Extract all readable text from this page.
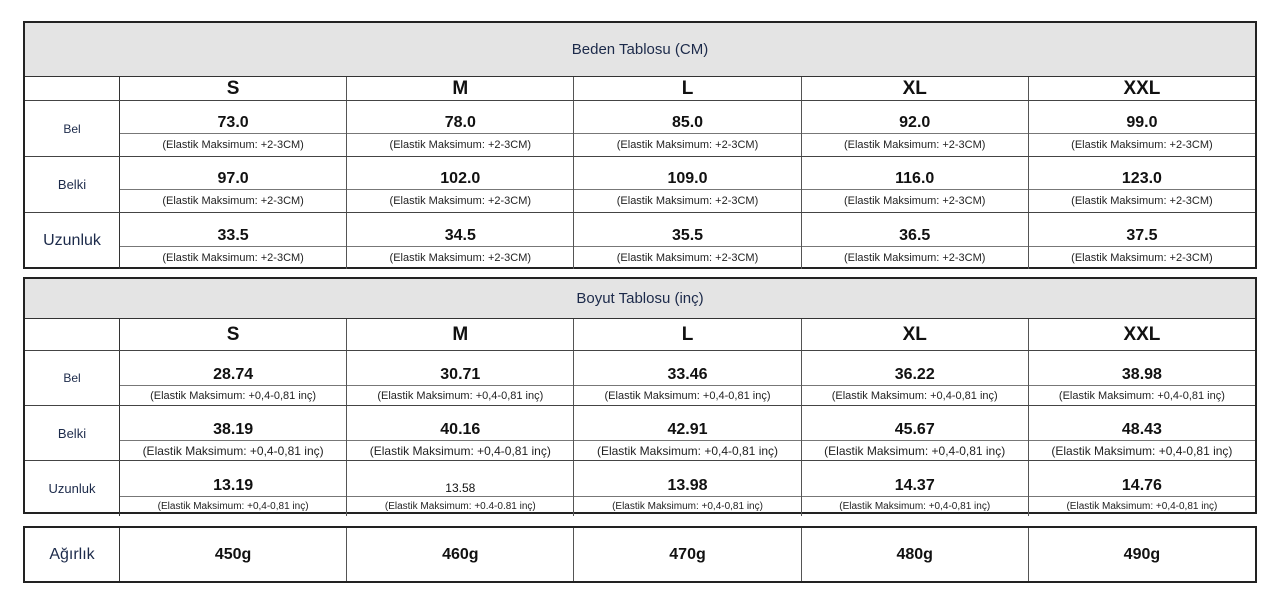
Beden Tablosu (CM)
S	M	L	XL	XXL
Bel	73.0
(Elastik Maksimum: +2-3CM)
78.0
(Elastik Maksimum: +2-3CM)
85.0
(Elastik Maksimum: +2-3CM)
92.0
(Elastik Maksimum: +2-3CM)
99.0
(Elastik Maksimum: +2-3CM)
Belki	97.0
(Elastik Maksimum: +2-3CM)
102.0
(Elastik Maksimum: +2-3CM)
109.0
(Elastik Maksimum: +2-3CM)
116.0
(Elastik Maksimum: +2-3CM)
123.0
(Elastik Maksimum: +2-3CM)
Uzunluk	33.5
(Elastik Maksimum: +2-3CM)
34.5
(Elastik Maksimum: +2-3CM)
35.5
(Elastik Maksimum: +2-3CM)
36.5
(Elastik Maksimum: +2-3CM)
37.5
(Elastik Maksimum: +2-3CM)
Boyut Tablosu (inç)
S	M	L	XL	XXL
Bel	28.74
(Elastik Maksimum: +0,4-0,81 inç)
30.71
(Elastik Maksimum: +0,4-0,81 inç)
33.46
(Elastik Maksimum: +0,4-0,81 inç)
36.22
(Elastik Maksimum: +0,4-0,81 inç)
38.98
(Elastik Maksimum: +0,4-0,81 inç)
Belki	38.19
(Elastik Maksimum: +0,4-0,81 inç)
40.16
(Elastik Maksimum: +0,4-0,81 inç)
42.91
(Elastik Maksimum: +0,4-0,81 inç)
45.67
(Elastik Maksimum: +0,4-0,81 inç)
48.43
(Elastik Maksimum: +0,4-0,81 inç)
Uzunluk	13.19
(Elastik Maksimum: +0,4-0,81 inç)
13.58
(Elastik Maksimum: +0.4-0.81 inç)
13.98
(Elastik Maksimum: +0,4-0,81 inç)
14.37
(Elastik Maksimum: +0,4-0,81 inç)
14.76
(Elastik Maksimum: +0,4-0,81 inç)
Ağırlık	450g	460g	470g	480g	490g
